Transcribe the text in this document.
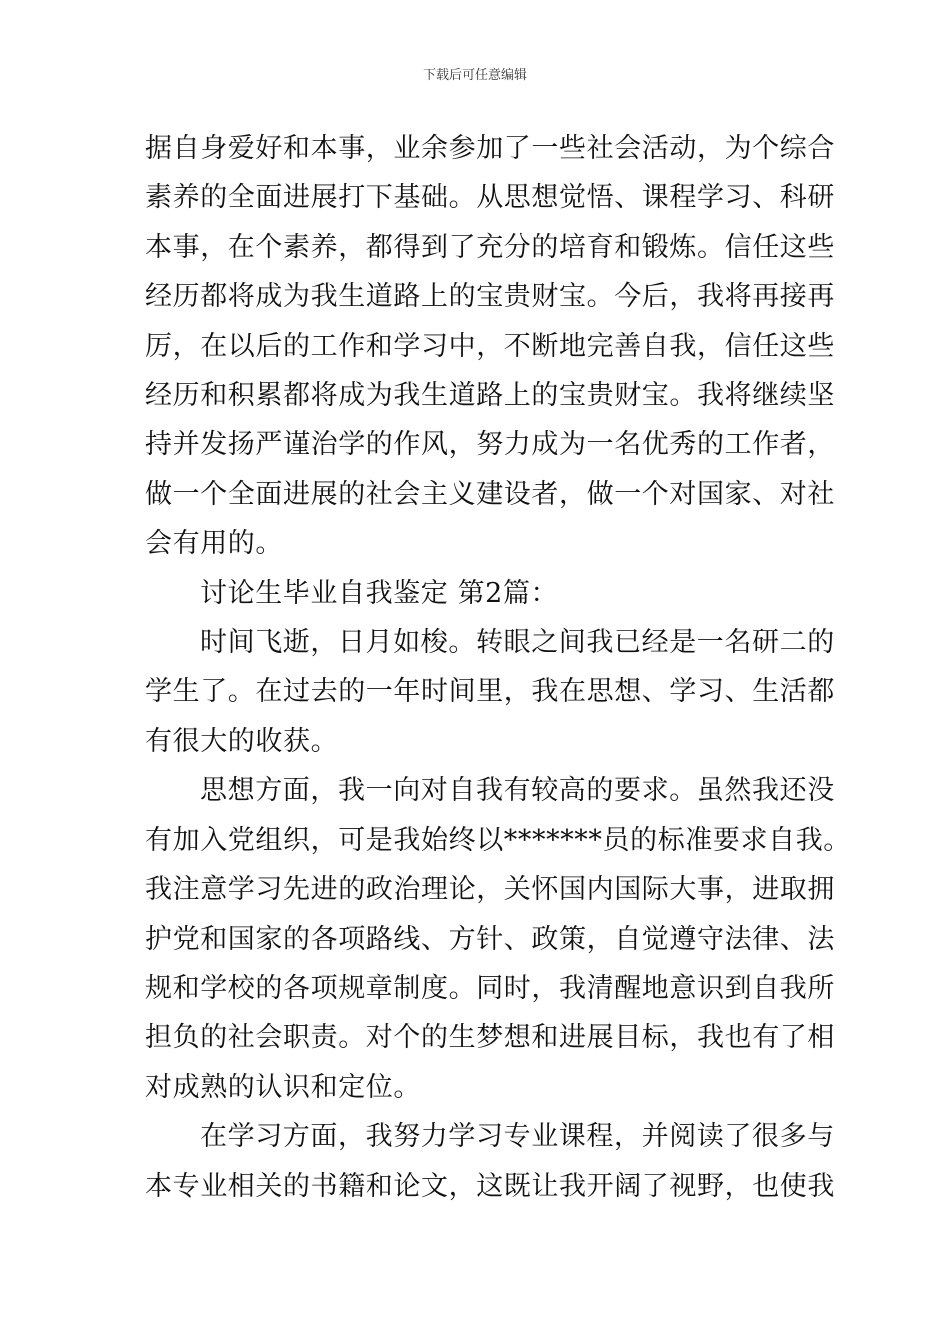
下载后可任意编辑
据自身爱好和本事，业余参加了一些社会活动，为个综合
素养的全面进展打下基础。从思想觉悟、课程学习、科研
本事，在个素养，都得到了充分的培育和锻炼。信任这些
经历都将成为我生道路上的宝贵财宝。今后，我将再接再
厉，在以后的工作和学习中，不断地完善自我，信任这些
经历和积累都将成为我生道路上的宝贵财宝。我将继续坚
持并发扬严谨治学的作风，努力成为一名优秀的工作者，
做一个全面进展的社会主义建设者，做一个对国家、对社
会有用的。
讨论生毕业自我鉴定 第2篇：
时间飞逝，日月如梭。转眼之间我已经是一名研二的
学生了。在过去的一年时间里，我在思想、学习、生活都
有很大的收获。
思想方面，我一向对自我有较高的要求。虽然我还没
有加入党组织，可是我始终以*******员的标准要求自我。
我注意学习先进的政治理论，关怀国内国际大事，进取拥
护党和国家的各项路线、方针、政策，自觉遵守法律、法
规和学校的各项规章制度。同时，我清醒地意识到自我所
担负的社会职责。对个的生梦想和进展目标，我也有了相
对成熟的认识和定位。
在学习方面，我努力学习专业课程，并阅读了很多与
本专业相关的书籍和论文，这既让我开阔了视野，也使我
